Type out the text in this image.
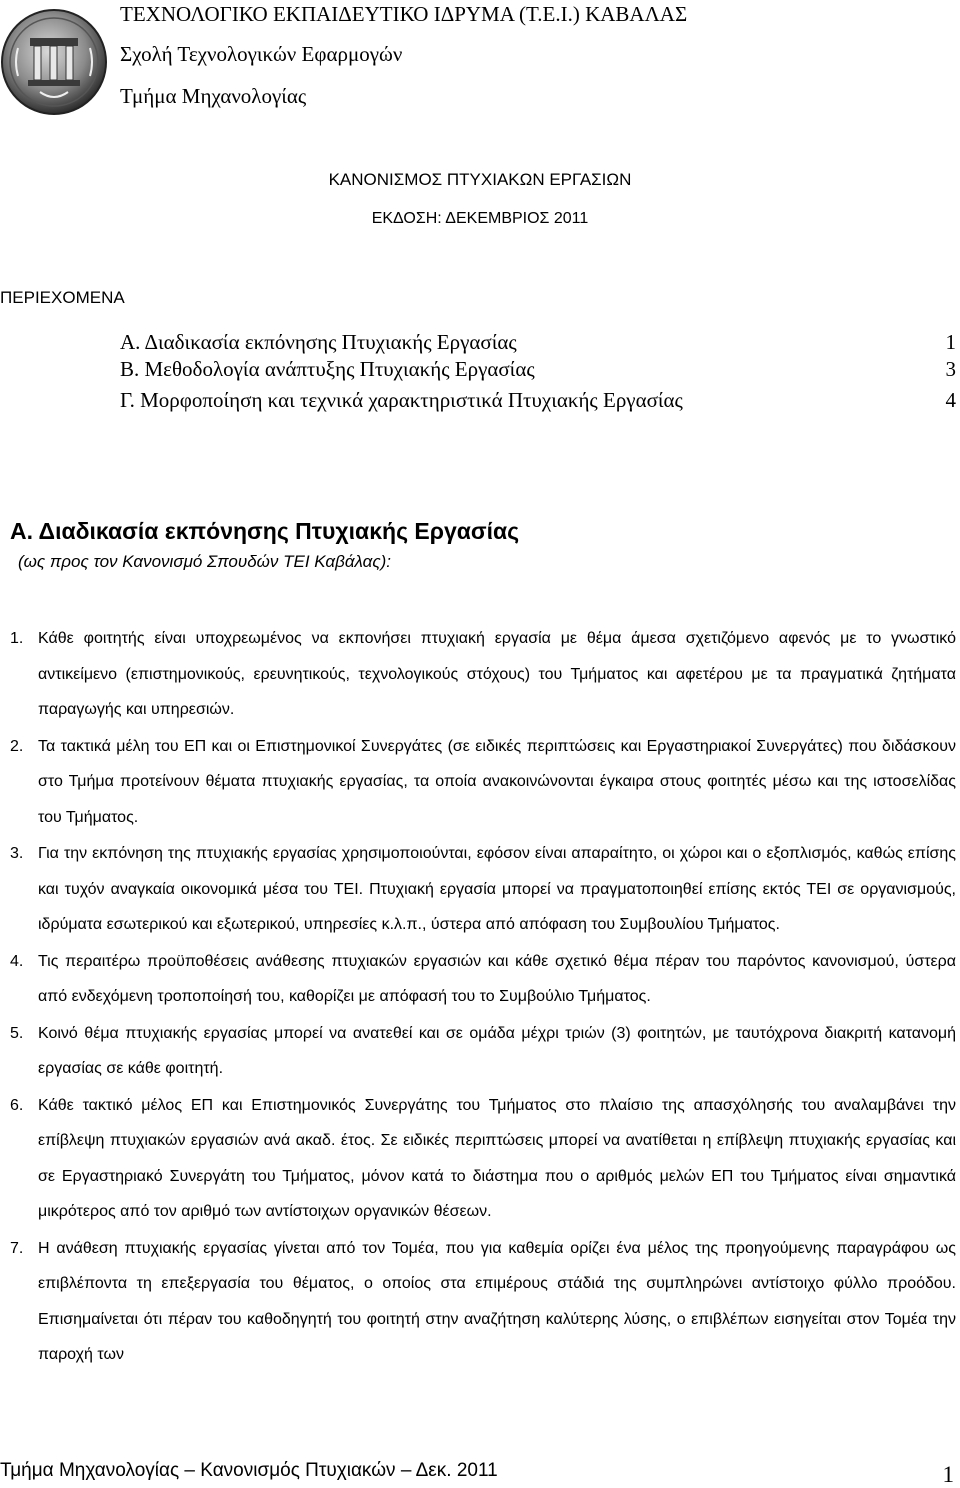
ΤΕΧΝΟΛΟΓΙΚΟ ΕΚΠΑΙΔΕΥΤΙΚΟ ΙΔΡΥΜΑ (Τ.Ε.Ι.) ΚΑΒΑΛΑΣ
Σχολή Τεχνολογικών Εφαρμογών
Τμήμα Μηχανολογίας
ΚΑΝΟΝΙΣΜΟΣ ΠΤΥΧΙΑΚΩΝ ΕΡΓΑΣΙΩΝ
ΕΚΔΟΣΗ: ΔΕΚΕΜΒΡΙΟΣ 2011
ΠΕΡΙΕΧΟΜΕΝΑ
Α. Διαδικασία εκπόνησης Πτυχιακής Εργασίας	1
Β. Μεθοδολογία ανάπτυξης Πτυχιακής Εργασίας	3
Γ. Μορφοποίηση και τεχνικά χαρακτηριστικά Πτυχιακής Εργασίας	4
Α. Διαδικασία εκπόνησης Πτυχιακής Εργασίας
(ως προς τον Κανονισμό Σπουδών ΤΕΙ Καβάλας):
1. Κάθε φοιτητής είναι υποχρεωμένος να εκπονήσει πτυχιακή εργασία με θέμα άμεσα σχετιζόμενο αφενός με το γνωστικό αντικείμενο (επιστημονικούς, ερευνητικούς, τεχνολογικούς στόχους) του Τμήματος και αφετέρου με τα πραγματικά ζητήματα παραγωγής και υπηρεσιών.
2. Τα τακτικά μέλη του ΕΠ και οι Επιστημονικοί Συνεργάτες (σε ειδικές περιπτώσεις και Εργαστηριακοί Συνεργάτες) που διδάσκουν στο Τμήμα προτείνουν θέματα πτυχιακής εργασίας, τα οποία ανακοινώνονται έγκαιρα στους φοιτητές μέσω και της ιστοσελίδας του Τμήματος.
3. Για την εκπόνηση της πτυχιακής εργασίας χρησιμοποιούνται, εφόσον είναι απαραίτητο, οι χώροι και ο εξοπλισμός, καθώς επίσης και τυχόν αναγκαία οικονομικά μέσα του ΤΕΙ. Πτυχιακή εργασία μπορεί να πραγματοποιηθεί επίσης εκτός ΤΕΙ σε οργανισμούς, ιδρύματα εσωτερικού και εξωτερικού, υπηρεσίες κ.λ.π., ύστερα από απόφαση του Συμβουλίου Τμήματος.
4. Τις περαιτέρω προϋποθέσεις ανάθεσης πτυχιακών εργασιών και κάθε σχετικό θέμα πέραν του παρόντος κανονισμού, ύστερα από ενδεχόμενη τροποποίησή του, καθορίζει με απόφασή του το Συμβούλιο Τμήματος.
5. Κοινό θέμα πτυχιακής εργασίας μπορεί να ανατεθεί και σε ομάδα μέχρι τριών (3) φοιτητών, με ταυτόχρονα διακριτή κατανομή εργασίας σε κάθε φοιτητή.
6. Κάθε τακτικό μέλος ΕΠ και Επιστημονικός Συνεργάτης του Τμήματος στο πλαίσιο της απασχόλησής του αναλαμβάνει την επίβλεψη πτυχιακών εργασιών ανά ακαδ. έτος. Σε ειδικές περιπτώσεις μπορεί να ανατίθεται η επίβλεψη πτυχιακής εργασίας και σε Εργαστηριακό Συνεργάτη του Τμήματος, μόνον κατά το διάστημα που ο αριθμός μελών ΕΠ του Τμήματος είναι σημαντικά μικρότερος από τον αριθμό των αντίστοιχων οργανικών θέσεων.
7. Η ανάθεση πτυχιακής εργασίας γίνεται από τον Τομέα, που για καθεμία ορίζει ένα μέλος της προηγούμενης παραγράφου ως επιβλέποντα τη επεξεργασία του θέματος, ο οποίος στα επιμέρους στάδιά της συμπληρώνει αντίστοιχο φύλλο προόδου. Επισημαίνεται ότι πέραν του καθοδηγητή του φοιτητή στην αναζήτηση καλύτερης λύσης, ο επιβλέπων εισηγείται στον Τομέα την παροχή των
Τμήμα Μηχανολογίας – Κανονισμός Πτυχιακών – Δεκ. 2011	1
